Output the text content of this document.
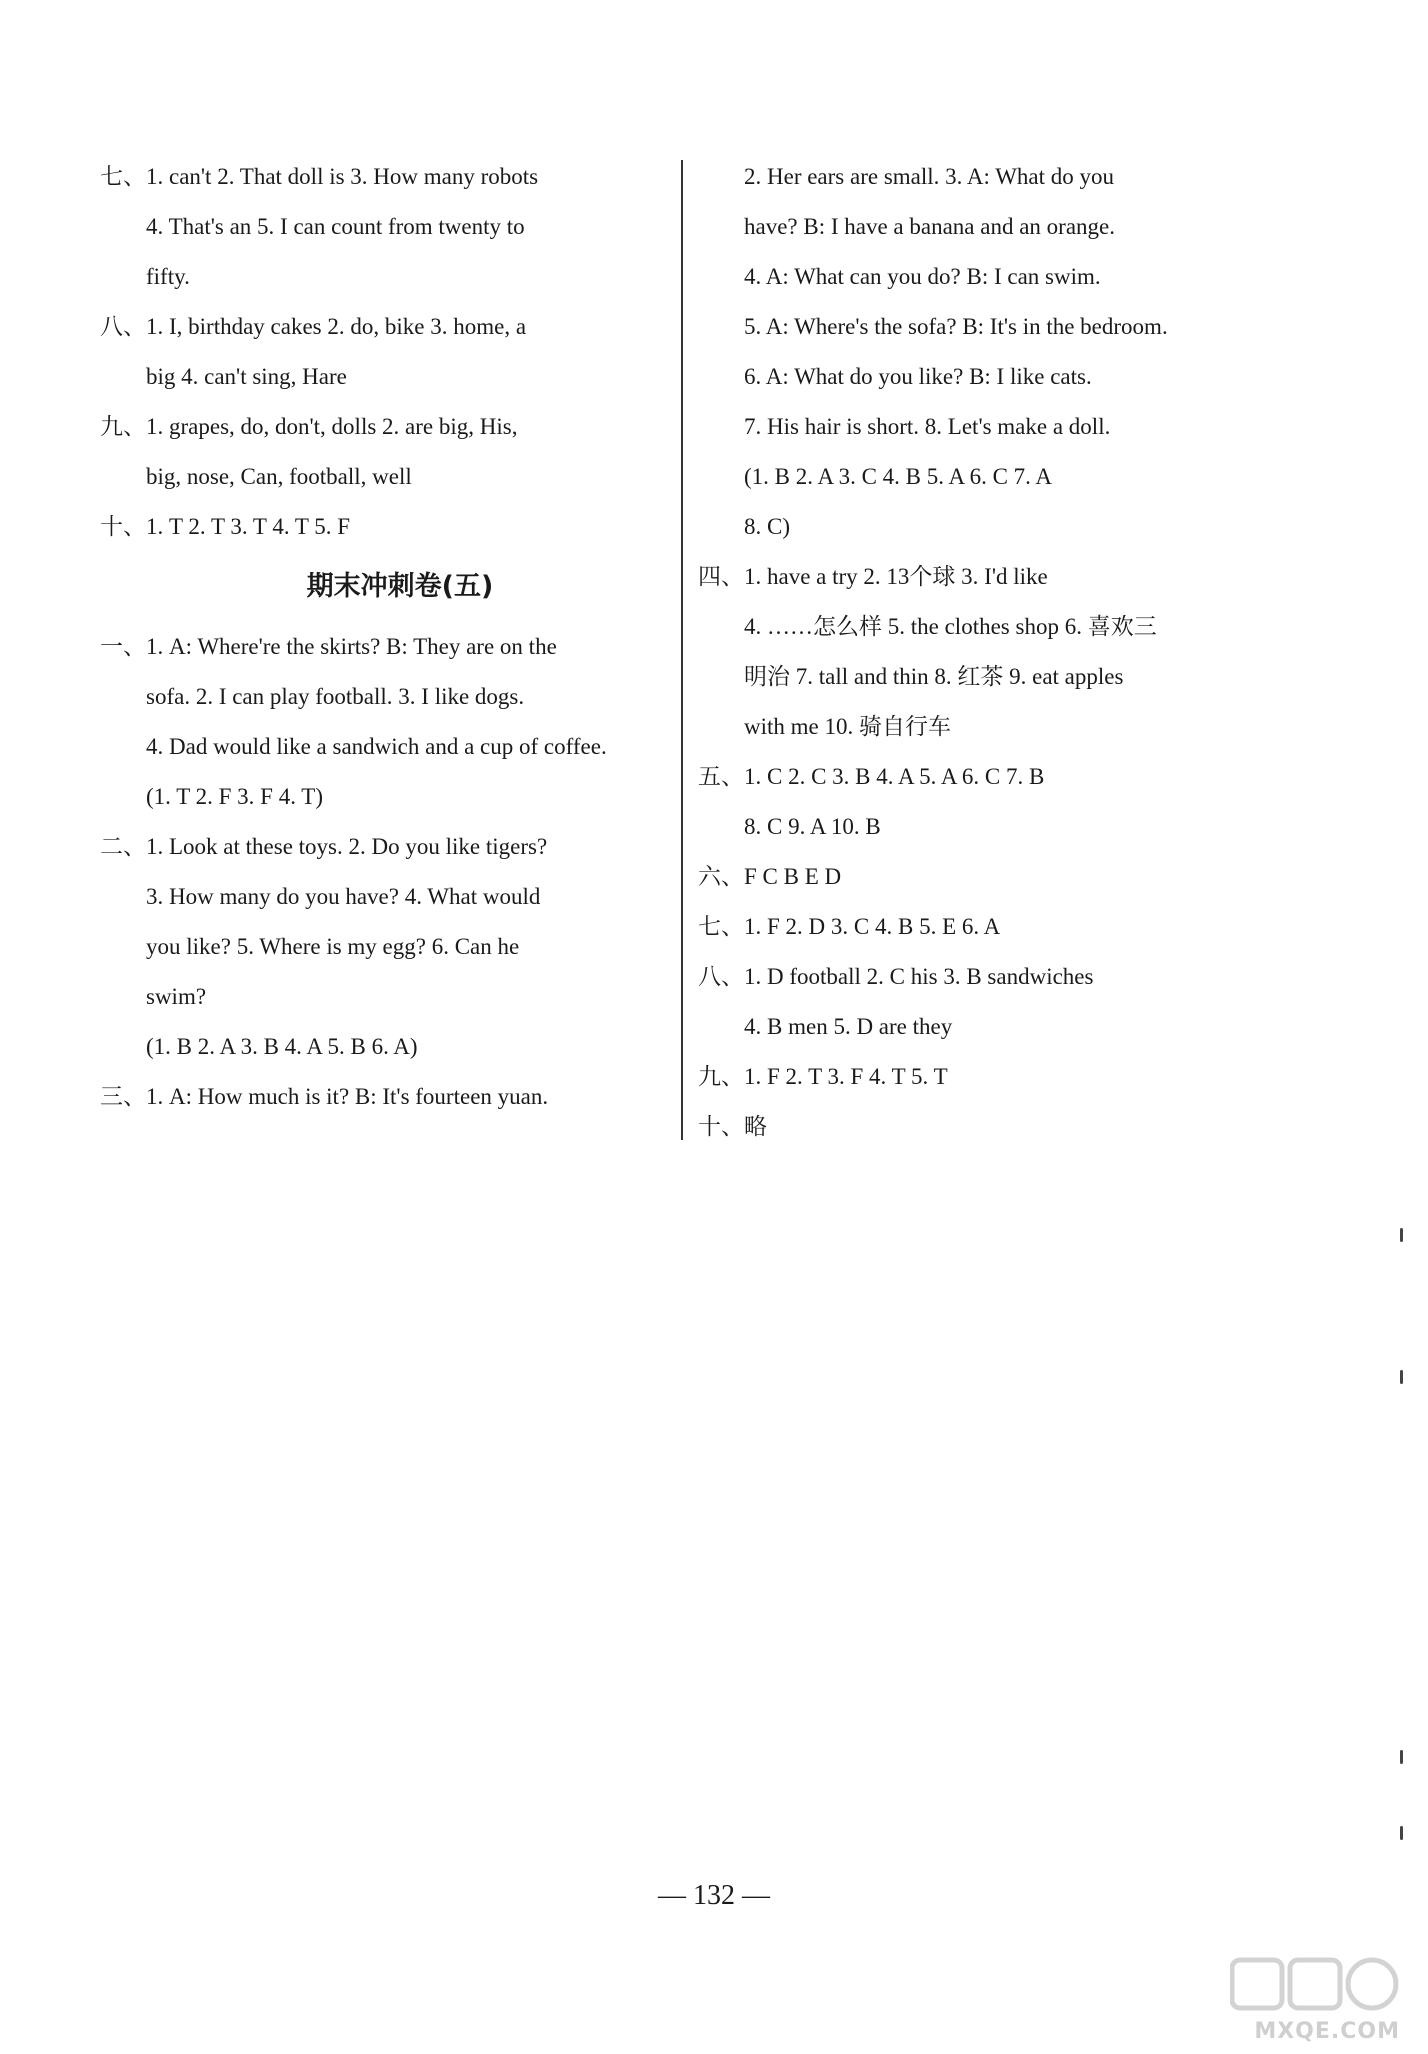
七、1. can't 2. That doll is 3. How many robots
4. That's an 5. I can count from twenty to
fifty.
八、1. I, birthday cakes 2. do, bike 3. home, a
big 4. can't sing, Hare
九、1. grapes, do, don't, dolls 2. are big, His,
big, nose, Can, football, well
十、1. T 2. T 3. T 4. T 5. F
期末冲刺卷(五)
一、1. A: Where're the skirts? B: They are on the
sofa. 2. I can play football. 3. I like dogs.
4. Dad would like a sandwich and a cup of coffee.
(1. T 2. F 3. F 4. T)
二、1. Look at these toys. 2. Do you like tigers?
3. How many do you have? 4. What would
you like? 5. Where is my egg? 6. Can he
swim?
(1. B 2. A 3. B 4. A 5. B 6. A)
三、1. A: How much is it? B: It's fourteen yuan.
2. Her ears are small. 3. A: What do you
have? B: I have a banana and an orange.
4. A: What can you do? B: I can swim.
5. A: Where's the sofa? B: It's in the bedroom.
6. A: What do you like? B: I like cats.
7. His hair is short. 8. Let's make a doll.
(1. B 2. A 3. C 4. B 5. A 6. C 7. A
8. C)
四、1. have a try 2. 13个球 3. I'd like
4. ……怎么样 5. the clothes shop 6. 喜欢三
明治 7. tall and thin 8. 红茶 9. eat apples
with me 10. 骑自行车
五、1. C 2. C 3. B 4. A 5. A 6. C 7. B
8. C 9. A 10. B
六、F C B E D
七、1. F 2. D 3. C 4. B 5. E 6. A
八、1. D football 2. C his 3. B sandwiches
4. B men 5. D are they
九、1. F 2. T 3. F 4. T 5. T
十、略
— 132 —
MXQE.COM
